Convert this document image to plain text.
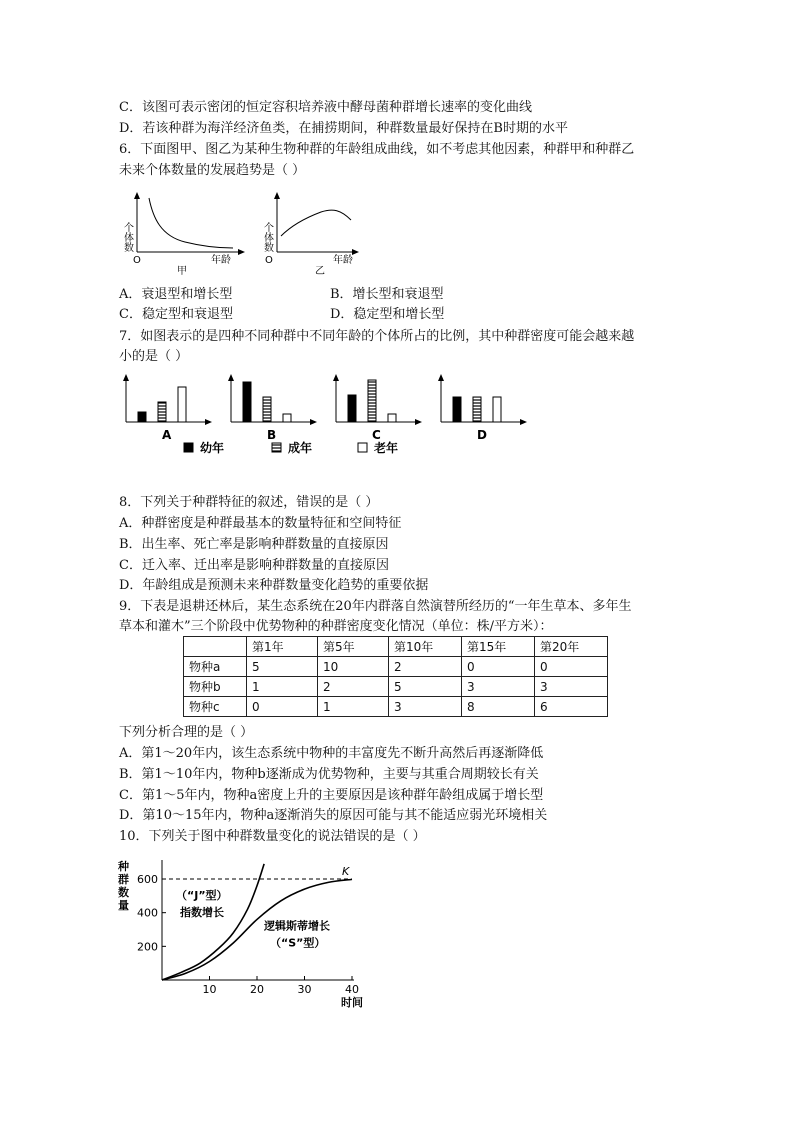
C．该图可表示密闭的恒定容积培养液中酵母菌种群增长速率的变化曲线
D．若该种群为海洋经济鱼类，在捕捞期间，种群数量最好保持在B时期的水平
6．下面图甲、图乙为某种生物种群的年龄组成曲线，如不考虑其他因素，种群甲和种群乙
未来个体数量的发展趋势是（ ）
个体数
O	年龄
甲
个体数
O	年龄
乙
A．衰退型和增长型	B．增长型和衰退型
C．稳定型和衰退型	D．稳定型和增长型
7．如图表示的是四种不同种群中不同年龄的个体所占的比例，其中种群密度可能会越来越
小的是（ ）
A	B	C	D
幼年	成年	老年
8．下列关于种群特征的叙述，错误的是（ ）
A．种群密度是种群最基本的数量特征和空间特征
B．出生率、死亡率是影响种群数量的直接原因
C．迁入率、迁出率是影响种群数量的直接原因
D．年龄组成是预测未来种群数量变化趋势的重要依据
9．下表是退耕还林后，某生态系统在20年内群落自然演替所经历的“一年生草本、多年生
草本和灌木”三个阶段中优势物种的种群密度变化情况（单位：株/平方米）：
	第1年	第5年	第10年	第15年	第20年
物种a	5	10	2	0	0
物种b	1	2	5	3	3
物种c	0	1	3	8	6
下列分析合理的是（ ）
A．第1～20年内，该生态系统中物种的丰富度先不断升高然后再逐渐降低
B．第1～10年内，物种b逐渐成为优势物种，主要与其重合周期较长有关
C．第1～5年内，物种a密度上升的主要原因是该种群年龄组成属于增长型
D．第10～15年内，物种a逐渐消失的原因可能与其不能适应弱光环境相关
10．下列关于图中种群数量变化的说法错误的是（ ）
种
群
数
量
200
400
600
10	20	30	40
时间
K
（“J”型）
指数增长
逻辑斯蒂增长
（“S”型）
